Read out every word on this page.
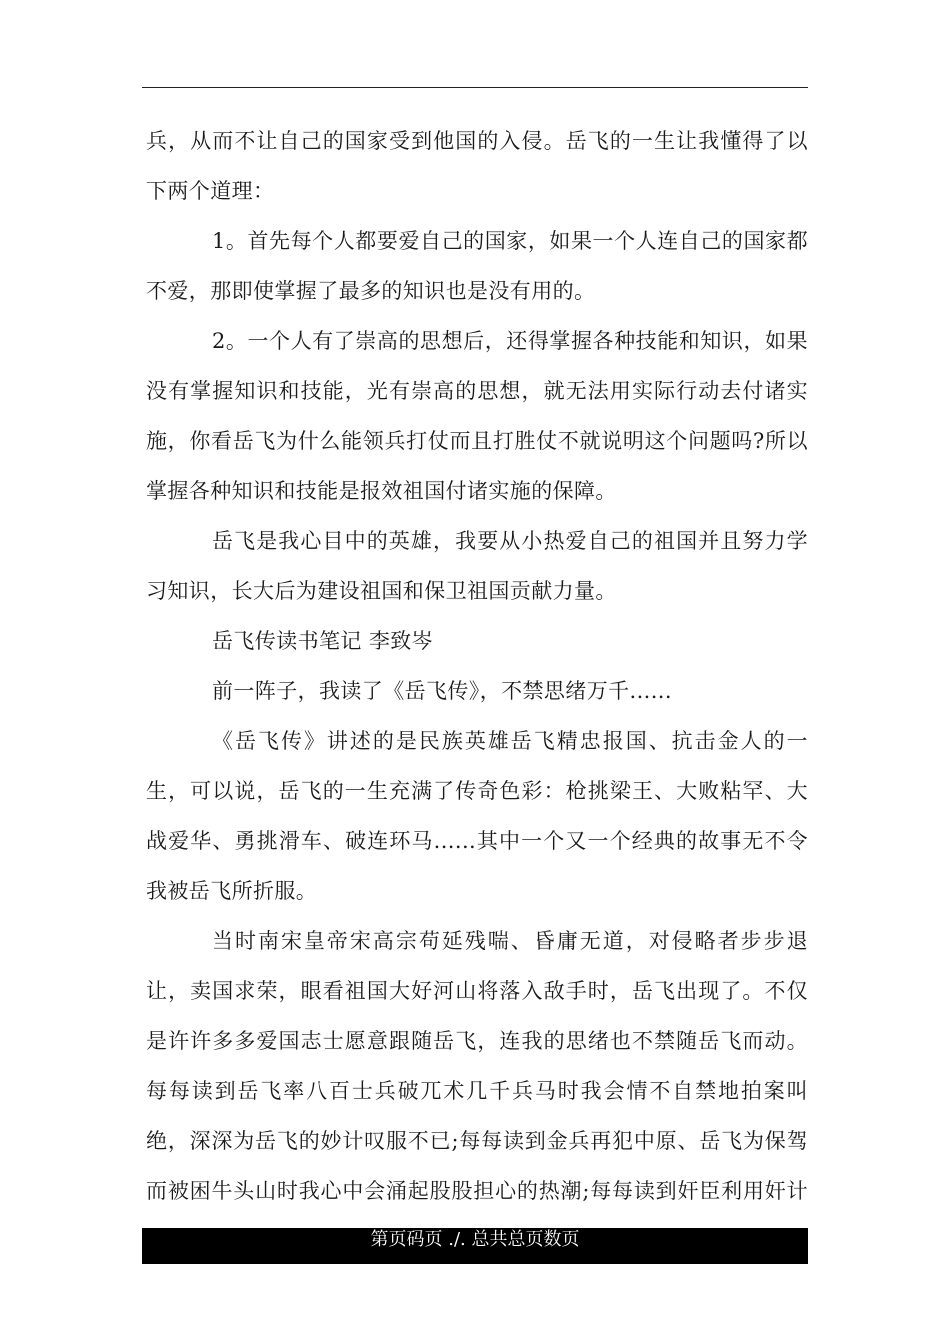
兵，从而不让自己的国家受到他国的入侵。岳飞的一生让我懂得了以下两个道理：

1。首先每个人都要爱自己的国家，如果一个人连自己的国家都不爱，那即使掌握了最多的知识也是没有用的。

2。一个人有了崇高的思想后，还得掌握各种技能和知识，如果没有掌握知识和技能，光有崇高的思想，就无法用实际行动去付诸实施，你看岳飞为什么能领兵打仗而且打胜仗不就说明这个问题吗?所以掌握各种知识和技能是报效祖国付诸实施的保障。

岳飞是我心目中的英雄，我要从小热爱自己的祖国并且努力学习知识，长大后为建设祖国和保卫祖国贡献力量。

岳飞传读书笔记 李致岑

前一阵子，我读了《岳飞传》，不禁思绪万千......

《岳飞传》讲述的是民族英雄岳飞精忠报国、抗击金人的一生，可以说，岳飞的一生充满了传奇色彩：枪挑梁王、大败粘罕、大战爱华、勇挑滑车、破连环马......其中一个又一个经典的故事无不令我被岳飞所折服。

当时南宋皇帝宋高宗苟延残喘、昏庸无道，对侵略者步步退让，卖国求荣，眼看祖国大好河山将落入敌手时，岳飞出现了。不仅是许许多多爱国志士愿意跟随岳飞，连我的思绪也不禁随岳飞而动。每每读到岳飞率八百士兵破兀术几千兵马时我会情不自禁地拍案叫绝，深深为岳飞的妙计叹服不已;每每读到金兵再犯中原、岳飞为保驾而被困牛头山时我心中会涌起股股担心的热潮;每每读到奸臣利用奸计

第页码页 ./. 总共总页数页
